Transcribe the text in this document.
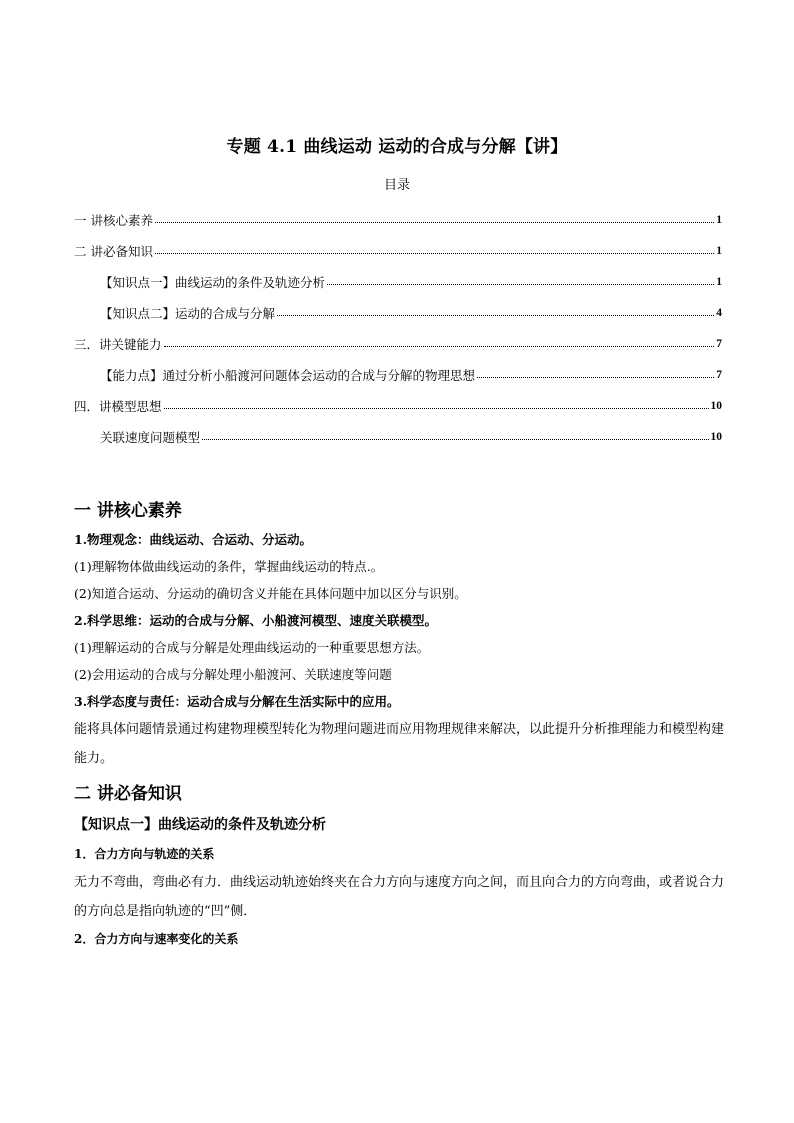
专题 4.1 曲线运动 运动的合成与分解【讲】
目录
一 讲核心素养	1
二 讲必备知识	1
【知识点一】曲线运动的条件及轨迹分析	1
【知识点二】运动的合成与分解	4
三．讲关键能力	7
【能力点】通过分析小船渡河问题体会运动的合成与分解的物理思想	7
四．讲模型思想	10
关联速度问题模型	10
一 讲核心素养
1.物理观念：曲线运动、合运动、分运动。
(1)理解物体做曲线运动的条件，掌握曲线运动的特点.。
(2)知道合运动、分运动的确切含义并能在具体问题中加以区分与识别。
2.科学思维：运动的合成与分解、小船渡河模型、速度关联模型。
(1)理解运动的合成与分解是处理曲线运动的一种重要思想方法。
(2)会用运动的合成与分解处理小船渡河、关联速度等问题
3.科学态度与责任：运动合成与分解在生活实际中的应用。
能将具体问题情景通过构建物理模型转化为物理问题进而应用物理规律来解决，以此提升分析推理能力和模型构建能力。
二 讲必备知识
【知识点一】曲线运动的条件及轨迹分析
1．合力方向与轨迹的关系
无力不弯曲，弯曲必有力．曲线运动轨迹始终夹在合力方向与速度方向之间，而且向合力的方向弯曲，或者说合力的方向总是指向轨迹的“凹”侧．
2．合力方向与速率变化的关系
